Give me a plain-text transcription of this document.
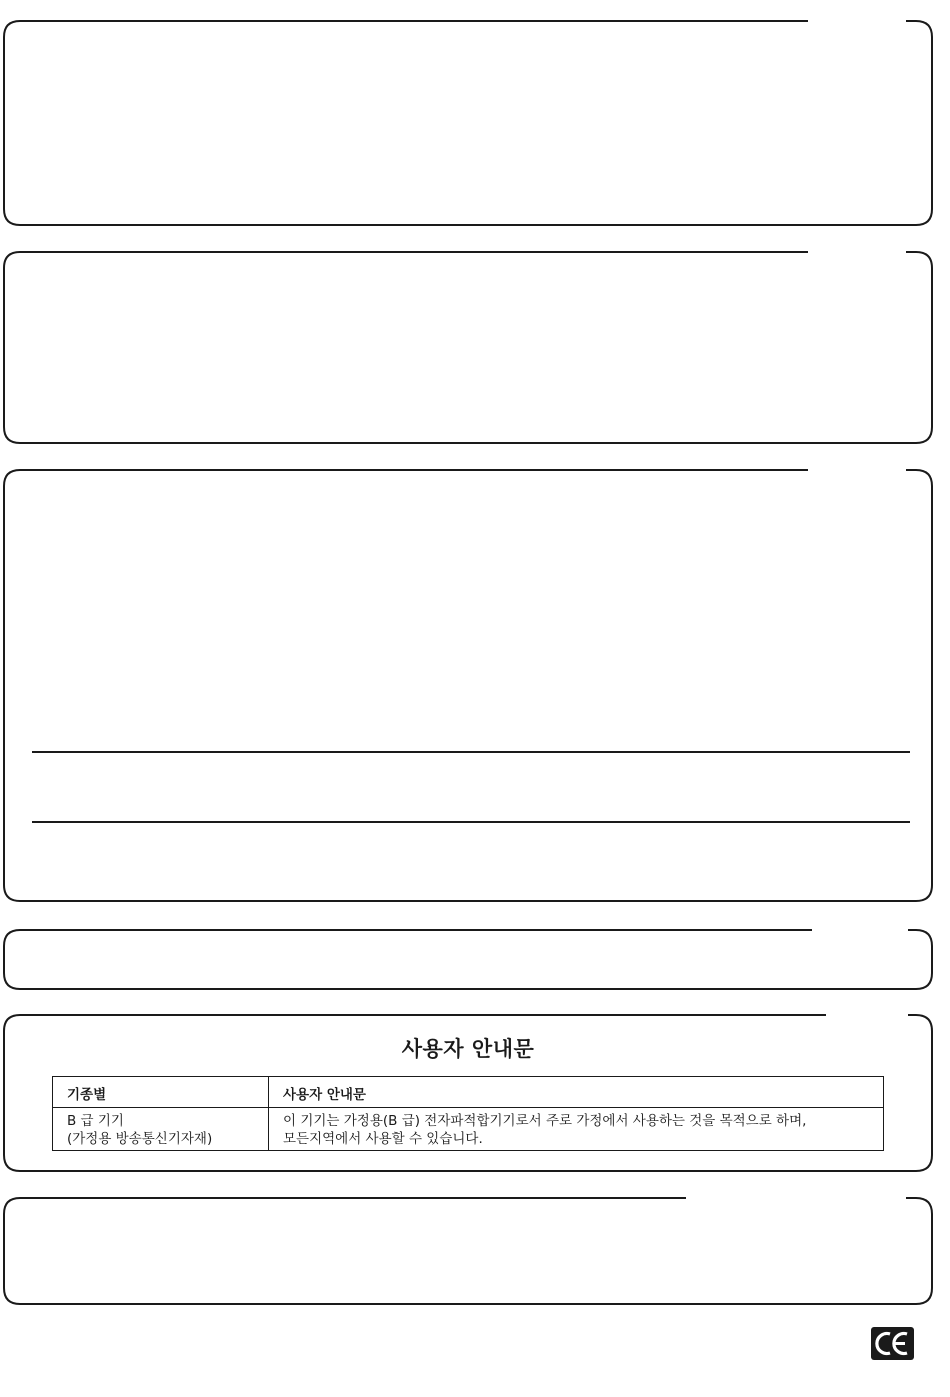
사용자 안내문
기종별	사용자 안내문

B 급 기기
(가정용 방송통신기자재)	이 기기는 가정용(B 급) 전자파적합기기로서 주로 가정에서 사용하는 것을 목적으로 하며,
모든지역에서 사용할 수 있습니다.
